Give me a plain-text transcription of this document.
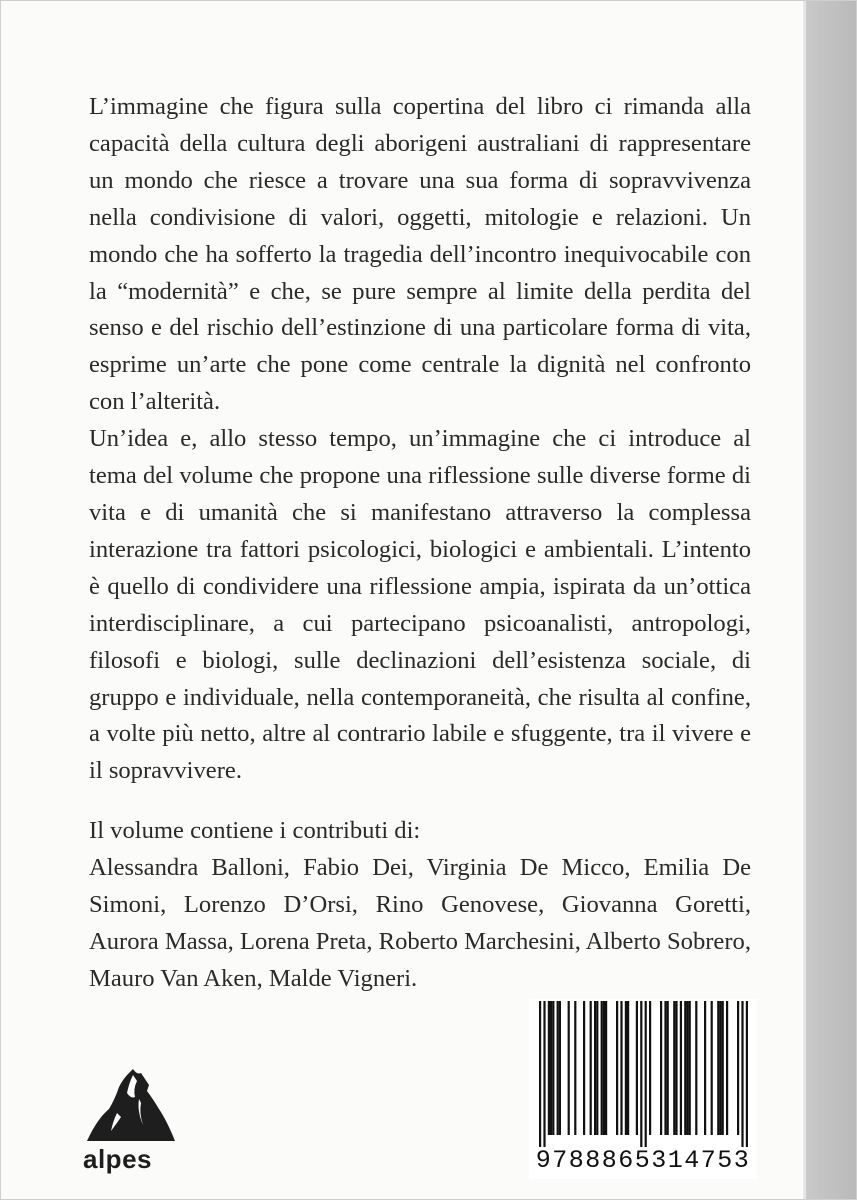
L’immagine che figura sulla copertina del libro ci rimanda alla capacità della cultura degli aborigeni australiani di rappresentare un mondo che riesce a trovare una sua forma di sopravvivenza nella condivisione di valori, oggetti, mitologie e relazioni. Un mondo che ha sofferto la tragedia dell’incontro inequivocabile con la “modernità” e che, se pure sempre al limite della perdita del senso e del rischio dell’estinzione di una particolare forma di vita, esprime un’arte che pone come centrale la dignità nel confronto con l’alterità.

Un’idea e, allo stesso tempo, un’immagine che ci introduce al tema del volume che propone una riflessione sulle diverse forme di vita e di umanità che si manifestano attraverso la complessa interazione tra fattori psicologici, biologici e ambientali. L’intento è quello di condividere una riflessione ampia, ispirata da un’ottica interdisciplinare, a cui partecipano psicoanalisti, antropologi, filosofi e biologi, sulle declinazioni dell’esistenza sociale, di gruppo e individuale, nella contemporaneità, che risulta al confine, a volte più netto, altre al contrario labile e sfuggente, tra il vivere e il sopravvivere.

Il volume contiene i contributi di:

Alessandra Balloni, Fabio Dei, Virginia De Micco, Emilia De Simoni, Lorenzo D’Orsi, Rino Genovese, Giovanna Goretti, Aurora Massa, Lorena Preta, Roberto Marchesini, Alberto Sobrero, Mauro Van Aken, Malde Vigneri.

alpes	9788865314753
